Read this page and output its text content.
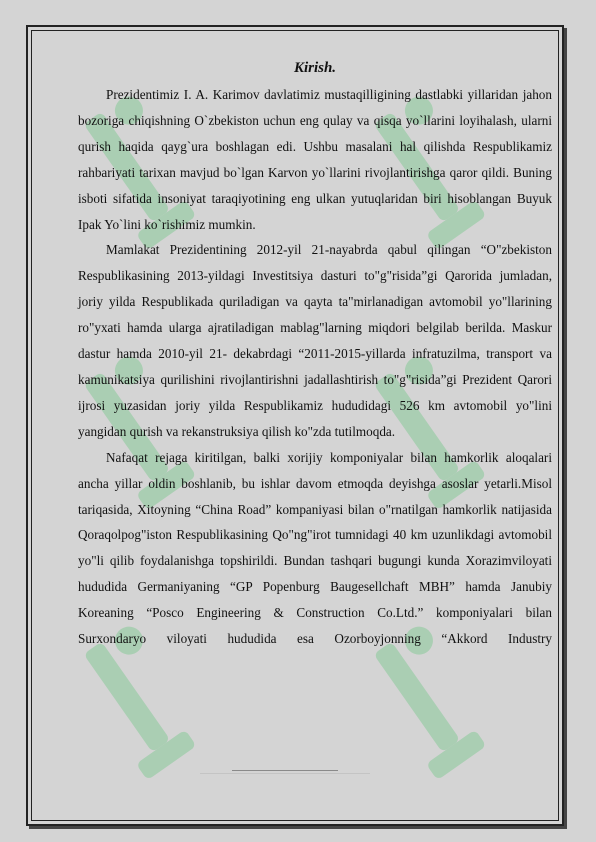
Kirish.

Prezidentimiz I. A. Karimov davlatimiz mustaqilligining dastlabki yillaridan jahon bozoriga chiqishning O`zbekiston uchun eng qulay va qisqa yo`llarini loyihalash, ularni qurish haqida qayg`ura boshlagan edi. Ushbu masalani hal qilishda Respublikamiz rahbariyati tarixan mavjud bo`lgan Karvon yo`llarini rivojlantirishga qaror qildi. Buning isboti sifatida insoniyat taraqiyotining eng ulkan yutuqlaridan biri hisoblangan Buyuk Ipak Yo`lini ko`rishimiz mumkin.

Mamlakat Prezidentining 2012-yil 21-nayabrda qabul qilingan “O"zbekiston Respublikasining 2013-yildagi Investitsiya dasturi to"g"risida”gi Qarorida jumladan, joriy yilda Respublikada quriladigan va qayta ta"mirlanadigan avtomobil yo"llarining ro"yxati hamda ularga ajratiladigan mablag"larning miqdori belgilab berilda. Maskur dastur hamda 2010-yil 21- dekabrdagi “2011-2015-yillarda infratuzilma, transport va kamunikatsiya qurilishini rivojlantirishni jadallashtirish to"g"risida”gi Prezident Qarori ijrosi yuzasidan joriy yilda Respublikamiz hududidagi 526 km avtomobil yo"lini yangidan qurish va rekanstruksiya qilish ko"zda tutilmoqda.

Nafaqat rejaga kiritilgan, balki xorijiy komponiyalar bilan hamkorlik aloqalari ancha yillar oldin boshlanib, bu ishlar davom etmoqda deyishga asoslar yetarli.Misol tariqasida, Xitoyning “China Road” kompaniyasi bilan o"rnatilgan hamkorlik natijasida Qoraqolpog"iston Respublikasining Qo"ng"irot tumnidagi 40 km uzunlikdagi avtomobil yo"li qilib foydalanishga topshirildi. Bundan tashqari bugungi kunda Xorazimviloyati hududida Germaniyaning “GP Popenburg Baugesellchaft MBH” hamda Janubiy Koreaning “Posco Engineering & Construction Co.Ltd.” komponiyalari bilan Surxondaryo viloyati hududida esa Ozorboyjonning “Akkord Industry
